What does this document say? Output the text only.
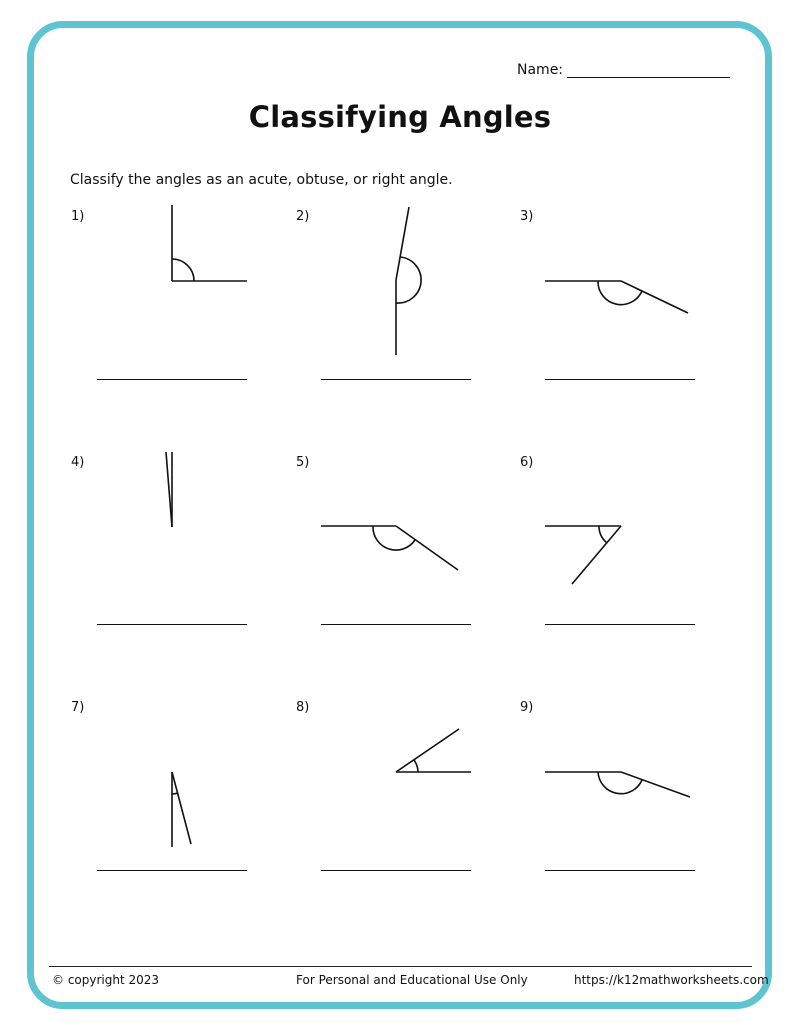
Name:
Classifying Angles
Classify the angles as an acute, obtuse, or right angle.
1)	2)	3)
4)	5)	6)
7)	8)	9)
© copyright 2023	For Personal and Educational Use Only	https://k12mathworksheets.com
